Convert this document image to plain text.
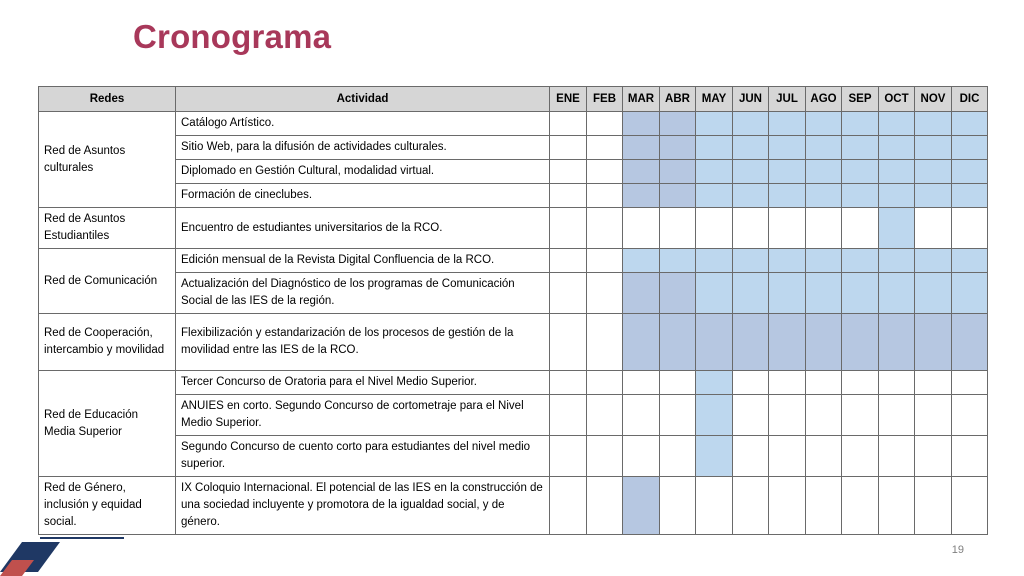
Cronograma
Redes	Actividad	ENE	FEB	MAR	ABR	MAY	JUN	JUL	AGO	SEP	OCT	NOV	DIC
Red de Asuntos culturales	Catálogo Artístico.												
	Sitio Web, para la difusión de actividades culturales.												
	Diplomado en Gestión Cultural, modalidad virtual.												
	Formación de cineclubes.												
Red de Asuntos Estudiantiles	Encuentro de estudiantes universitarios de la RCO.												
Red de Comunicación	Edición mensual de la Revista Digital Confluencia de la RCO.												
	Actualización del Diagnóstico de los programas de Comunicación Social de las IES de la región.												
Red de Cooperación, intercambio y movilidad	Flexibilización y estandarización de los procesos de gestión de la movilidad entre las IES de la RCO.												
Red de Educación Media Superior	Tercer Concurso de Oratoria para el Nivel Medio Superior.												
	ANUIES en corto. Segundo Concurso de cortometraje para el Nivel Medio Superior.												
	Segundo Concurso de cuento corto para estudiantes del nivel medio superior.												
Red de Género, inclusión y equidad social.	IX Coloquio Internacional. El potencial de las IES en la construcción de una sociedad incluyente y promotora de la igualdad social, y de género.												
19
